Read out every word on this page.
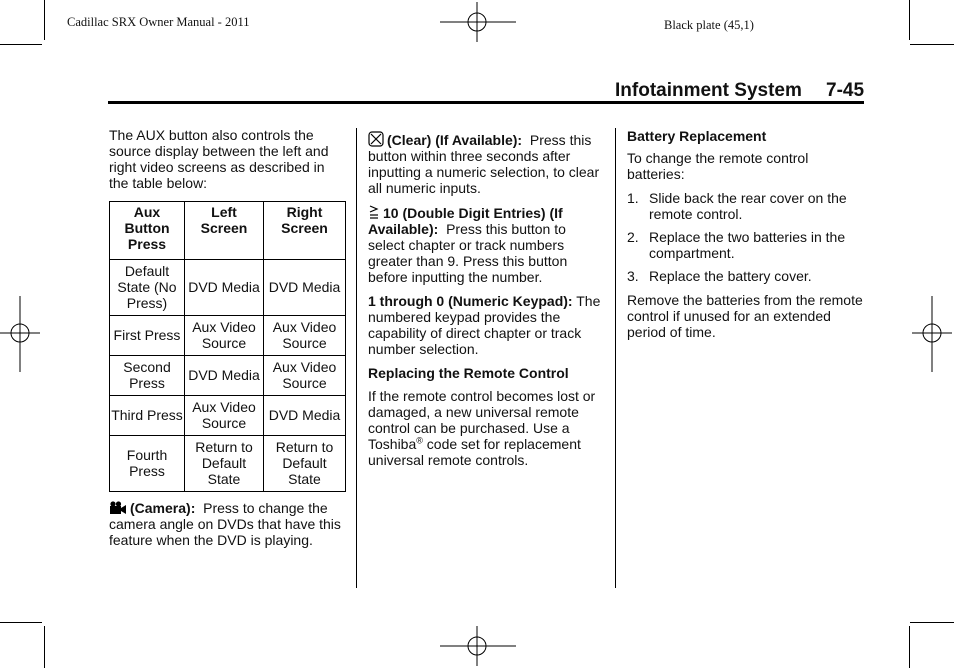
Cadillac SRX Owner Manual - 2011	Black plate (45,1)
Infotainment System 7-45

The AUX button also controls the source display between the left and right video screens as described in the table below:

Aux Button Press	Left Screen	Right Screen
Default State (No Press)	DVD Media	DVD Media
First Press	Aux Video Source	Aux Video Source
Second Press	DVD Media	Aux Video Source
Third Press	Aux Video Source	DVD Media
Fourth Press	Return to Default State	Return to Default State

(Camera): Press to change the camera angle on DVDs that have this feature when the DVD is playing.

(Clear) (If Available): Press this button within three seconds after inputting a numeric selection, to clear all numeric inputs.

10 (Double Digit Entries) (If Available): Press this button to select chapter or track numbers greater than 9. Press this button before inputting the number.

1 through 0 (Numeric Keypad): The numbered keypad provides the capability of direct chapter or track number selection.

Replacing the Remote Control

If the remote control becomes lost or damaged, a new universal remote control can be purchased. Use a Toshiba® code set for replacement universal remote controls.

Battery Replacement

To change the remote control batteries:

1. Slide back the rear cover on the remote control.
2. Replace the two batteries in the compartment.
3. Replace the battery cover.

Remove the batteries from the remote control if unused for an extended period of time.
